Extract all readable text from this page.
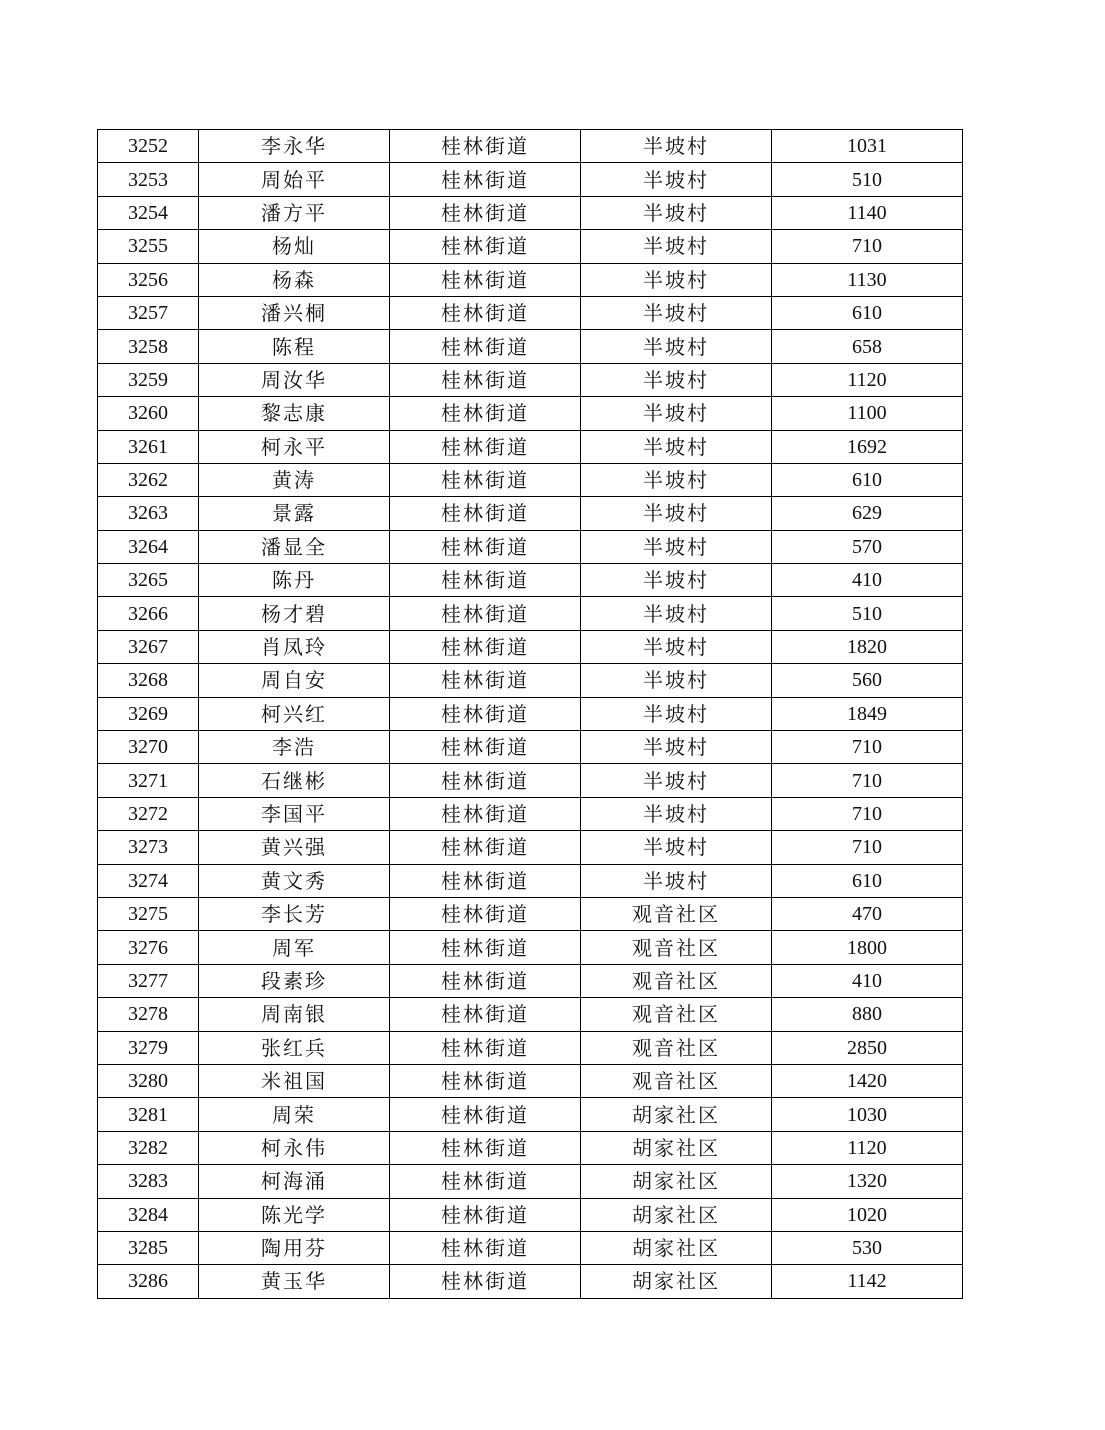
3252	李永华	桂林街道	半坡村	1031
3253	周始平	桂林街道	半坡村	510
3254	潘方平	桂林街道	半坡村	1140
3255	杨灿	桂林街道	半坡村	710
3256	杨森	桂林街道	半坡村	1130
3257	潘兴桐	桂林街道	半坡村	610
3258	陈程	桂林街道	半坡村	658
3259	周汝华	桂林街道	半坡村	1120
3260	黎志康	桂林街道	半坡村	1100
3261	柯永平	桂林街道	半坡村	1692
3262	黄涛	桂林街道	半坡村	610
3263	景露	桂林街道	半坡村	629
3264	潘显全	桂林街道	半坡村	570
3265	陈丹	桂林街道	半坡村	410
3266	杨才碧	桂林街道	半坡村	510
3267	肖凤玲	桂林街道	半坡村	1820
3268	周自安	桂林街道	半坡村	560
3269	柯兴红	桂林街道	半坡村	1849
3270	李浩	桂林街道	半坡村	710
3271	石继彬	桂林街道	半坡村	710
3272	李国平	桂林街道	半坡村	710
3273	黄兴强	桂林街道	半坡村	710
3274	黄文秀	桂林街道	半坡村	610
3275	李长芳	桂林街道	观音社区	470
3276	周军	桂林街道	观音社区	1800
3277	段素珍	桂林街道	观音社区	410
3278	周南银	桂林街道	观音社区	880
3279	张红兵	桂林街道	观音社区	2850
3280	米祖国	桂林街道	观音社区	1420
3281	周荣	桂林街道	胡家社区	1030
3282	柯永伟	桂林街道	胡家社区	1120
3283	柯海涌	桂林街道	胡家社区	1320
3284	陈光学	桂林街道	胡家社区	1020
3285	陶用芬	桂林街道	胡家社区	530
3286	黄玉华	桂林街道	胡家社区	1142
